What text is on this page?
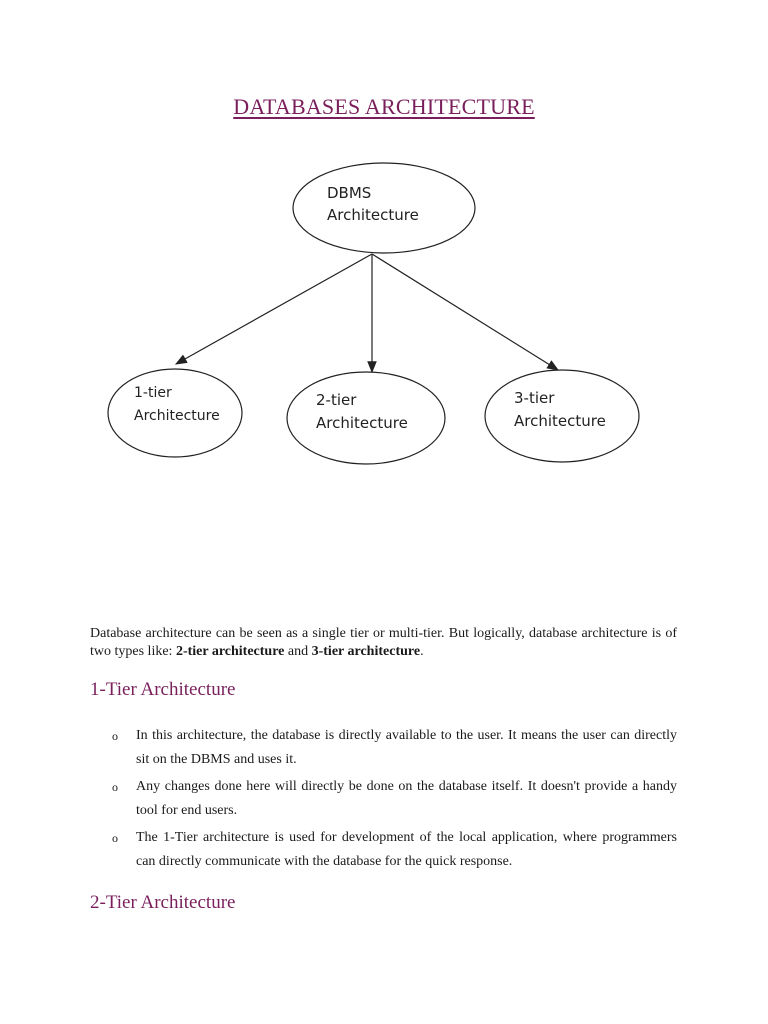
DATABASES ARCHITECTURE
DBMS
Architecture
1-tier
Architecture
2-tier
Architecture
3-tier
Architecture

Database architecture can be seen as a single tier or multi-tier. But logically, database architecture is of two types like: 2-tier architecture and 3-tier architecture.

1-Tier Architecture
o In this architecture, the database is directly available to the user. It means the user can directly sit on the DBMS and uses it.
o Any changes done here will directly be done on the database itself. It doesn't provide a handy tool for end users.
o The 1-Tier architecture is used for development of the local application, where programmers can directly communicate with the database for the quick response.
2-Tier Architecture
